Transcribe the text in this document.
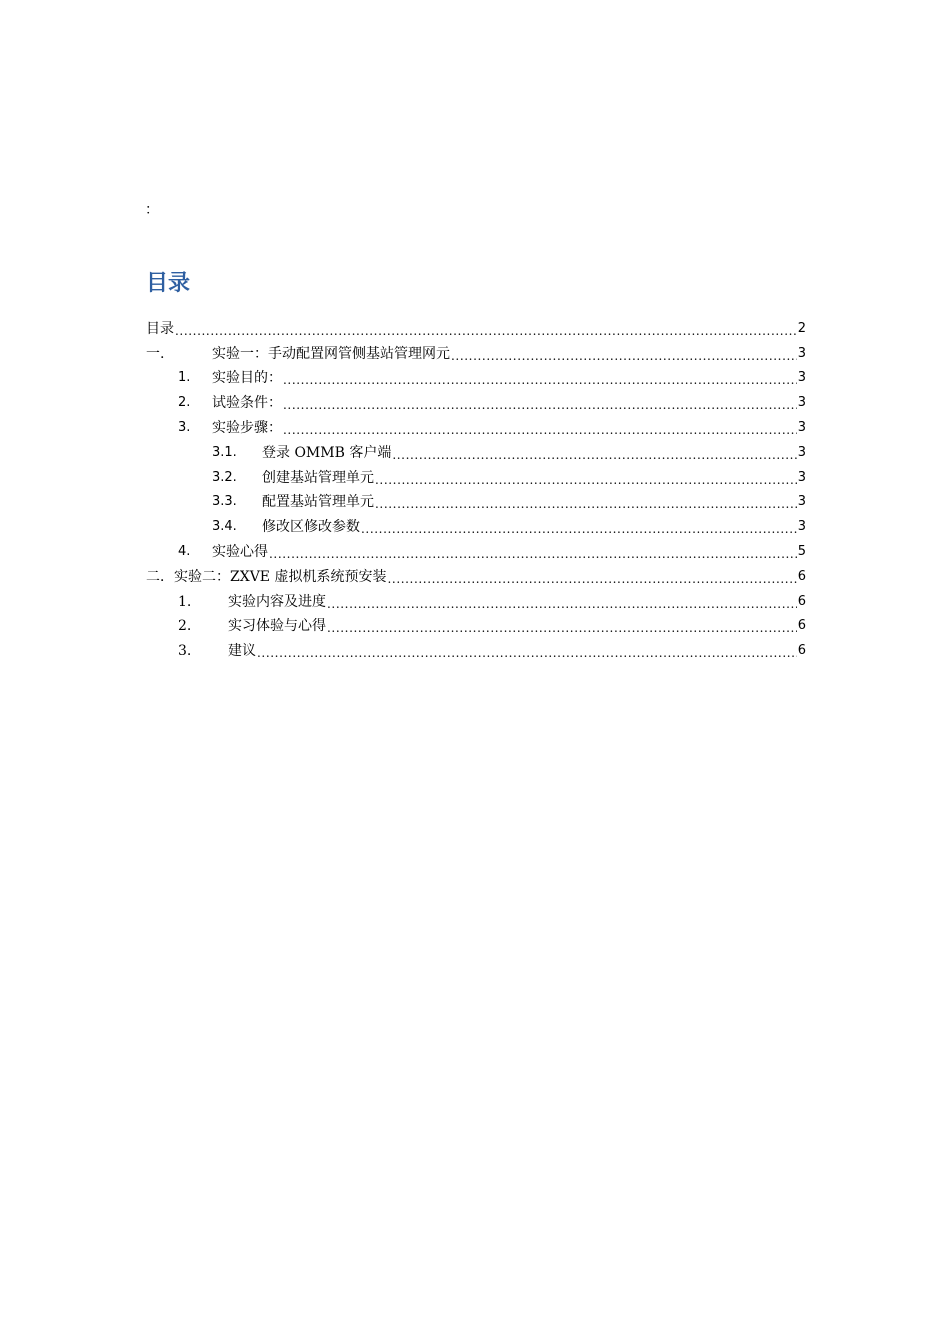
：
目录
目录 .....	2
一.	实验一：手动配置网管侧基站管理网元 .....	3
1.	实验目的： .....	3
2.	试验条件： .....	3
3.	实验步骤： .....	3
3.1.	登录 OMMB 客户端 .....	3
3.2.	创建基站管理单元 .....	3
3.3.	配置基站管理单元 .....	3
3.4.	修改区修改参数 .....	3
4.	实验心得 .....	5
二．实验二：ZXVE 虚拟机系统预安装 .....	6
1.	实验内容及进度 .....	6
2.	实习体验与心得 .....	6
3.	建议 .....	6
